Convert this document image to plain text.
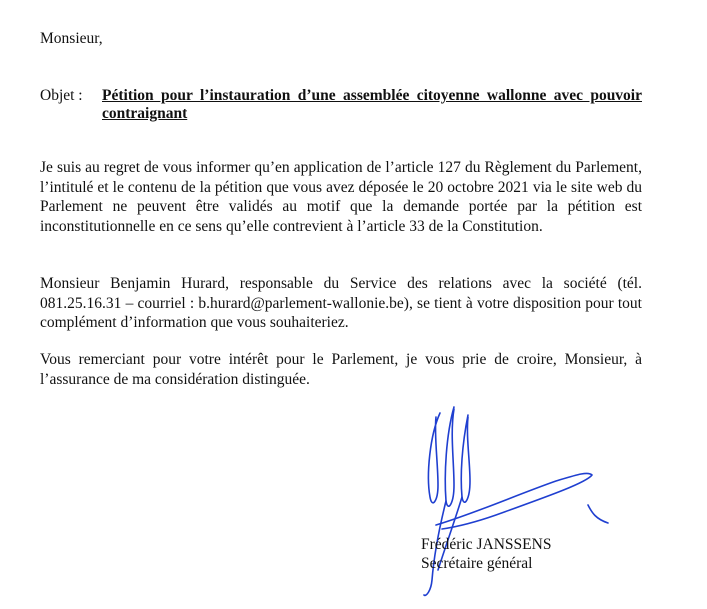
Monsieur,

Objet :	Pétition pour l’instauration d’une assemblée citoyenne wallonne avec pouvoir contraignant

Je suis au regret de vous informer qu’en application de l’article 127 du Règlement du Parlement, l’intitulé et le contenu de la pétition que vous avez déposée le 20 octobre 2021 via le site web du Parlement ne peuvent être validés au motif que la demande portée par la pétition est inconstitutionnelle en ce sens qu’elle contrevient à l’article 33 de la Constitution.

Monsieur Benjamin Hurard, responsable du Service des relations avec la société (tél. 081.25.16.31 – courriel : b.hurard@parlement-wallonie.be), se tient à votre disposition pour tout complément d’information que vous souhaiteriez.

Vous remerciant pour votre intérêt pour le Parlement, je vous prie de croire, Monsieur, à l’assurance de ma considération distinguée.

Frédéric JANSSENS

Secrétaire général
